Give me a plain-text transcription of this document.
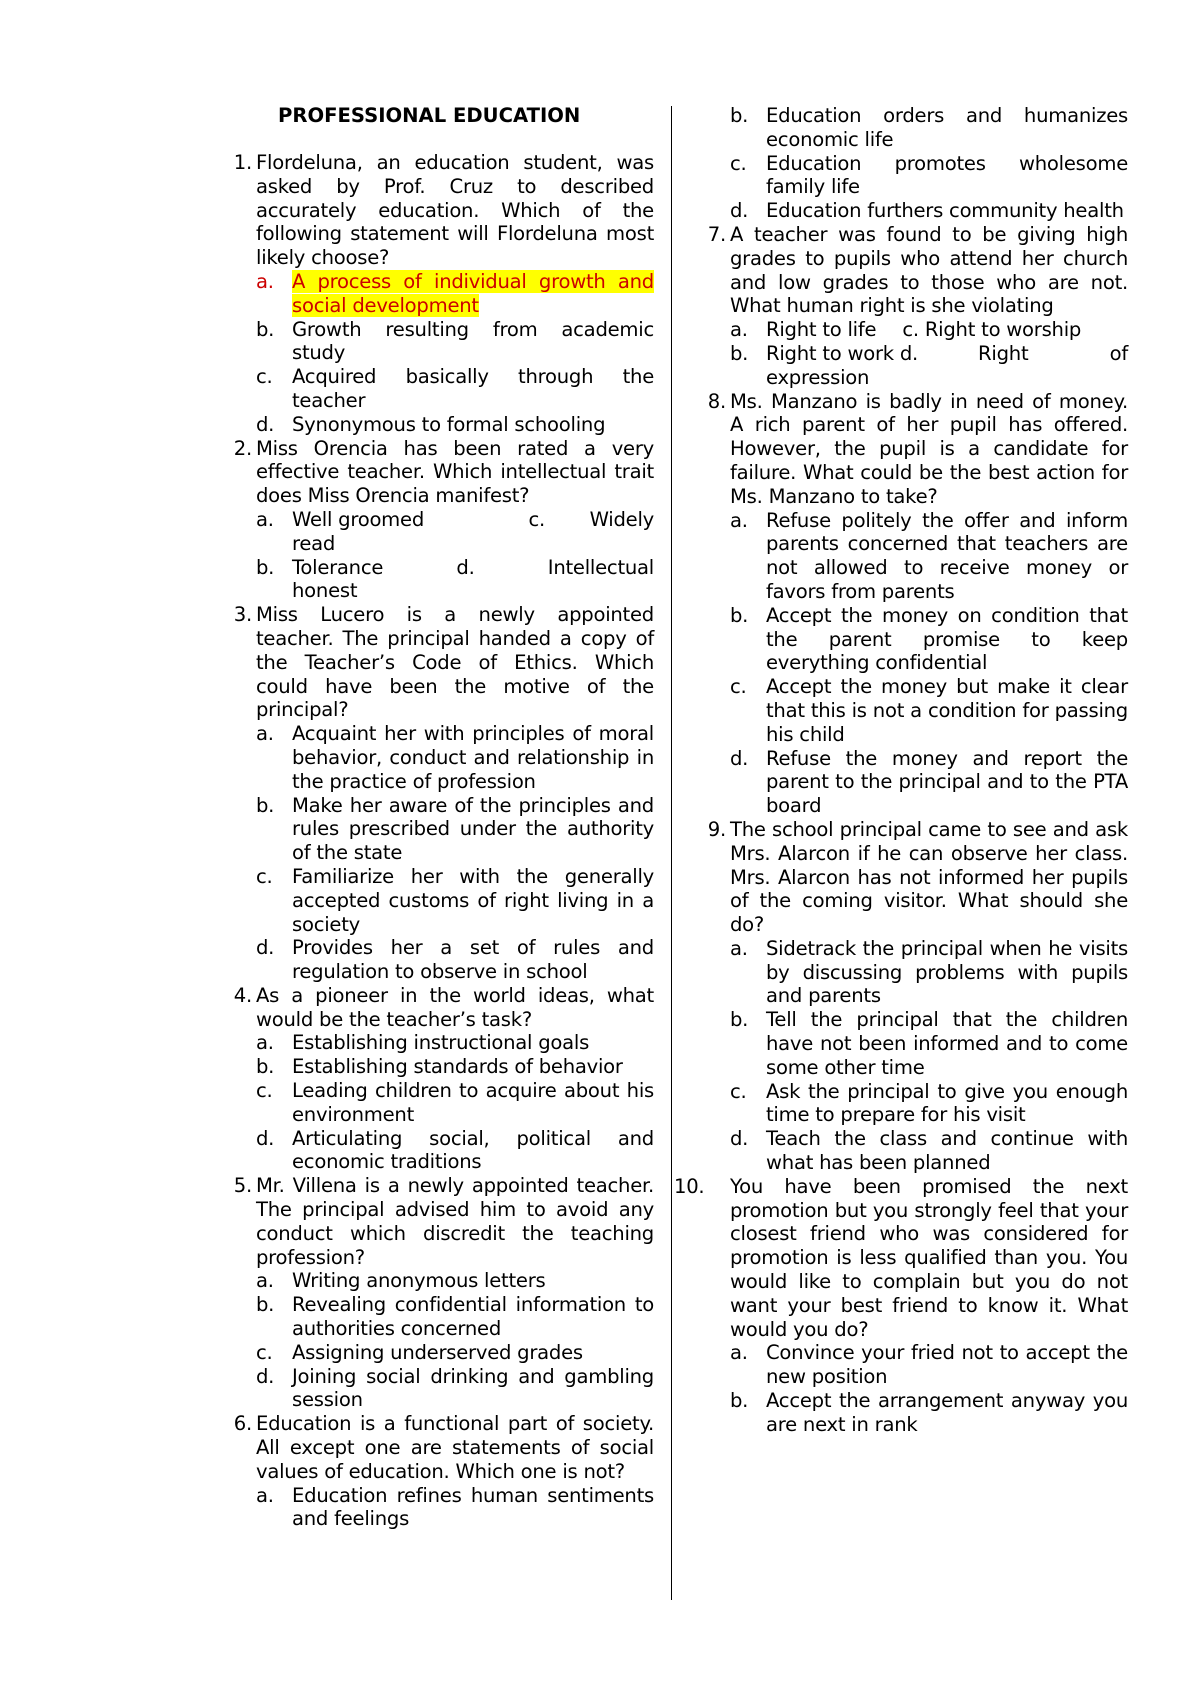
PROFESSIONAL EDUCATION
1. Flordeluna, an education student, was asked by Prof. Cruz to described accurately education. Which of the following statement will Flordeluna most likely choose?
a. A process of individual growth and social development
b. Growth resulting from academic study
c. Acquired basically through the teacher
d. Synonymous to formal schooling
2. Miss Orencia has been rated a very effective teacher. Which intellectual trait does Miss Orencia manifest?
a. Well groomed	c. Widely
read
b. Tolerance	d.	Intellectual
honest
3. Miss Lucero is a newly appointed teacher. The principal handed a copy of the Teacher’s Code of Ethics. Which could have been the motive of the principal?
a. Acquaint her with principles of moral behavior, conduct and relationship in the practice of profession
b. Make her aware of the principles and rules prescribed under the authority of the state
c. Familiarize her with the generally accepted customs of right living in a society
d. Provides her a set of rules and regulation to observe in school
4. As a pioneer in the world ideas, what would be the teacher’s task?
a. Establishing instructional goals
b. Establishing standards of behavior
c. Leading children to acquire about his environment
d. Articulating social, political and economic traditions
5. Mr. Villena is a newly appointed teacher. The principal advised him to avoid any conduct which discredit the teaching profession?
a. Writing anonymous letters
b. Revealing confidential information to authorities concerned
c. Assigning underserved grades
d. Joining social drinking and gambling session
6. Education is a functional part of society. All except one are statements of social values of education. Which one is not?
a. Education refines human sentiments and feelings
b. Education orders and humanizes economic life
c. Education promotes wholesome family life
d. Education furthers community health
7. A teacher was found to be giving high grades to pupils who attend her church and low grades to those who are not. What human right is she violating
a. Right to life c. Right to worship
b. Right to work d.	Right	of
expression
8. Ms. Manzano is badly in need of money. A rich parent of her pupil has offered. However, the pupil is a candidate for failure. What could be the best action for Ms. Manzano to take?
a. Refuse politely the offer and inform parents concerned that teachers are not allowed to receive money or favors from parents
b. Accept the money on condition that the parent promise to keep everything confidential
c. Accept the money but make it clear that this is not a condition for passing his child
d. Refuse the money and report the parent to the principal and to the PTA board
9. The school principal came to see and ask Mrs. Alarcon if he can observe her class. Mrs. Alarcon has not informed her pupils of the coming visitor. What should she do?
a. Sidetrack the principal when he visits by discussing problems with pupils and parents
b. Tell the principal that the children have not been informed and to come some other time
c. Ask the principal to give you enough time to prepare for his visit
d. Teach the class and continue with what has been planned
10.	You have been promised the next promotion but you strongly feel that your closest friend who was considered for promotion is less qualified than you. You would like to complain but you do not want your best friend to know it. What would you do?
a. Convince your fried not to accept the new position
b. Accept the arrangement anyway you are next in rank
